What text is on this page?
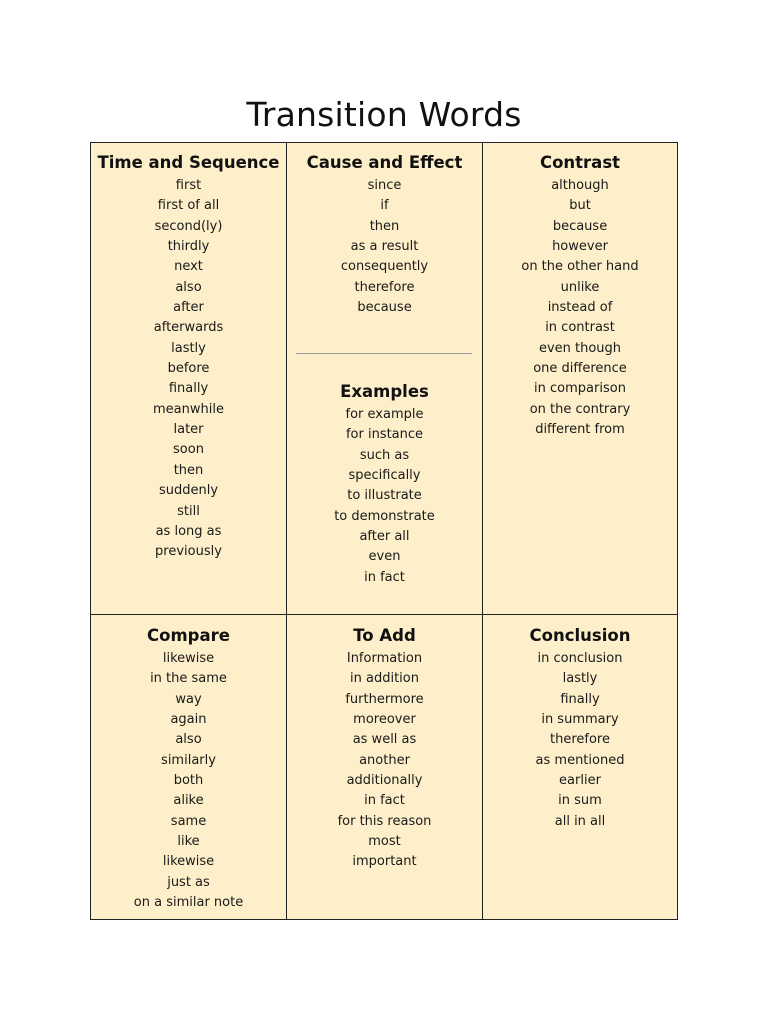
Transition Words
Time and Sequence
first
first of all
second(ly)
thirdly
next
also
after
afterwards
lastly
before
finally
meanwhile
later
soon
then
suddenly
still
as long as
previously
Cause and Effect
since
if
then
as a result
consequently
therefore
because
Examples
for example
for instance
such as
specifically
to illustrate
to demonstrate
after all
even
in fact
Contrast
although
but
because
however
on the other hand
unlike
instead of
in contrast
even though
one difference
in comparison
on the contrary
different from
Compare
likewise
in the same
way
again
also
similarly
both
alike
same
like
likewise
just as
on a similar note
To Add
Information
in addition
furthermore
moreover
as well as
another
additionally
in fact
for this reason
most
important
Conclusion
in conclusion
lastly
finally
in summary
therefore
as mentioned
earlier
in sum
all in all
